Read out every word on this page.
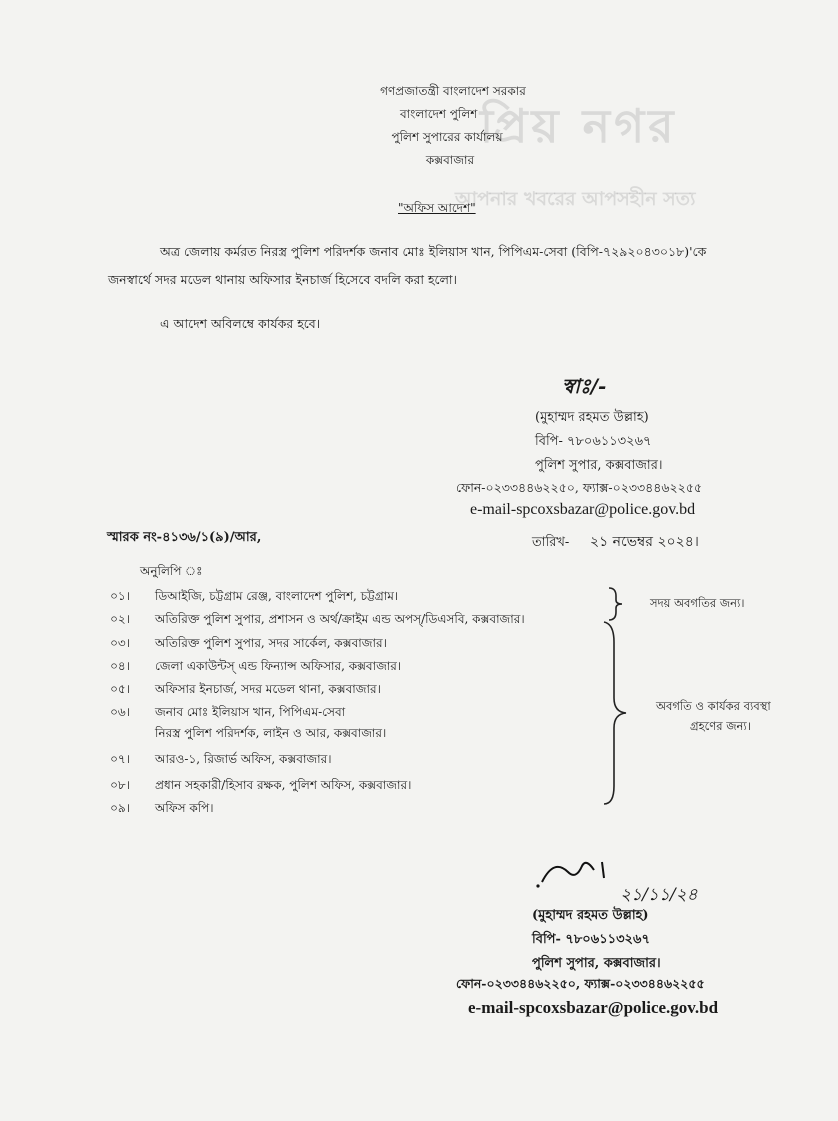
প্রিয় নগর
আপনার খবরের আপসহীন সত্য
গণপ্রজাতন্ত্রী বাংলাদেশ সরকার
বাংলাদেশ পুলিশ
পুলিশ সুপারের কার্যালয়
কক্সবাজার
"অফিস আদেশ"
অত্র জেলায় কর্মরত নিরস্ত্র পুলিশ পরিদর্শক জনাব মোঃ ইলিয়াস খান, পিপিএম-সেবা (বিপি-৭২৯২০৪৩০১৮)'কে
জনস্বার্থে সদর মডেল থানায় অফিসার ইনচার্জ হিসেবে বদলি করা হলো।
এ আদেশ অবিলম্বে কার্যকর হবে।
স্বাঃ/-
(মুহাম্মদ রহমত উল্লাহ)
বিপি- ৭৮০৬১১৩২৬৭
পুলিশ সুপার, কক্সবাজার।
ফোন-০২৩৩৪৪৬২২৫০, ফ্যাক্স-০২৩৩৪৪৬২২৫৫
e-mail-spcoxsbazar@police.gov.bd
স্মারক নং-৪১৩৬/১(৯)/আর,	তারিখ- ২১ নভেম্বর ২০২৪।
অনুলিপি ঃ
০১। ডিআইজি, চট্টগ্রাম রেঞ্জ, বাংলাদেশ পুলিশ, চট্টগ্রাম।
০২। অতিরিক্ত পুলিশ সুপার, প্রশাসন ও অর্থ/ক্রাইম এন্ড অপস্/ডিএসবি, কক্সবাজার।
০৩। অতিরিক্ত পুলিশ সুপার, সদর সার্কেল, কক্সবাজার।
০৪। জেলা একাউন্টস্ এন্ড ফিন্যান্স অফিসার, কক্সবাজার।
০৫। অফিসার ইনচার্জ, সদর মডেল থানা, কক্সবাজার।
০৬। জনাব মোঃ ইলিয়াস খান, পিপিএম-সেবা
নিরস্ত্র পুলিশ পরিদর্শক, লাইন ও আর, কক্সবাজার।
০৭। আরও-১, রিজার্ভ অফিস, কক্সবাজার।
০৮। প্রধান সহকারী/হিসাব রক্ষক, পুলিশ অফিস, কক্সবাজার।
০৯। অফিস কপি।
সদয় অবগতির জন্য।
অবগতি ও কার্যকর ব্যবস্থা
গ্রহণের জন্য।
২১/১১/২৪
(মুহাম্মদ রহমত উল্লাহ)
বিপি- ৭৮০৬১১৩২৬৭
পুলিশ সুপার, কক্সবাজার।
ফোন-০২৩৩৪৪৬২২৫০, ফ্যাক্স-০২৩৩৪৪৬২২৫৫
e-mail-spcoxsbazar@police.gov.bd
